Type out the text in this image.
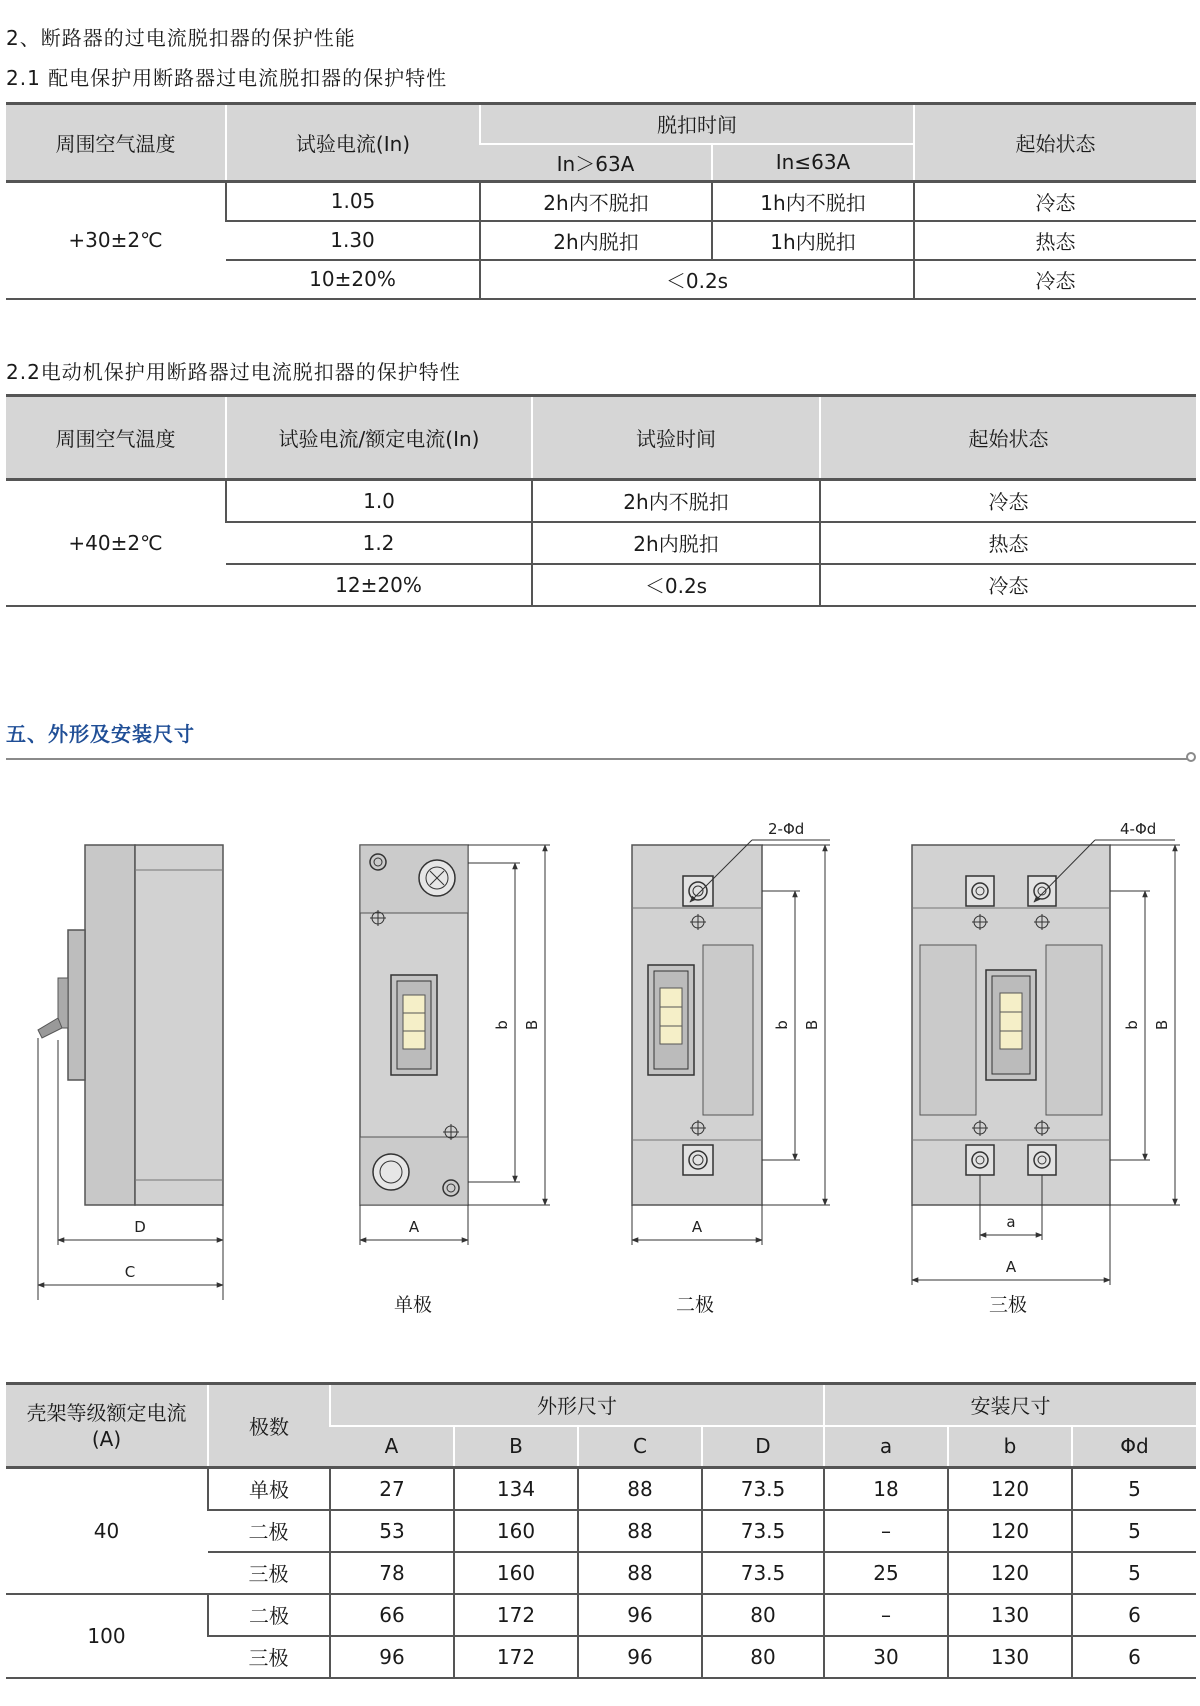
2、断路器的过电流脱扣器的保护性能
2.1 配电保护用断路器过电流脱扣器的保护特性
周围空气温度	试验电流(In)	脱扣时间		起始状态
		In＞63A	In≤63A	
+30±2℃	1.05	2h内不脱扣	1h内不脱扣	冷态
	1.30	2h内脱扣	1h内脱扣	热态
	10±20%	＜0.2s		冷态
2.2电动机保护用断路器过电流脱扣器的保护特性
周围空气温度	试验电流/额定电流(In)	试验时间	起始状态
+40±2℃	1.0	2h内不脱扣	冷态
	1.2	2h内脱扣	热态
	12±20%	＜0.2s	冷态
五、外形及安装尺寸
D
C
b B
A
2-Φd
b B
A
4-Φd
b B
a
A
单极	二极	三极
壳架等级额定电流
(A)	极数	外形尺寸				安装尺寸		
		A	B	C	D	a	b	Φd
40	单极	27	134	88	73.5	18	120	5
	二极	53	160	88	73.5	–	120	5
	三极	78	160	88	73.5	25	120	5
100	二极	66	172	96	80	–	130	6
	三极	96	172	96	80	30	130	6
